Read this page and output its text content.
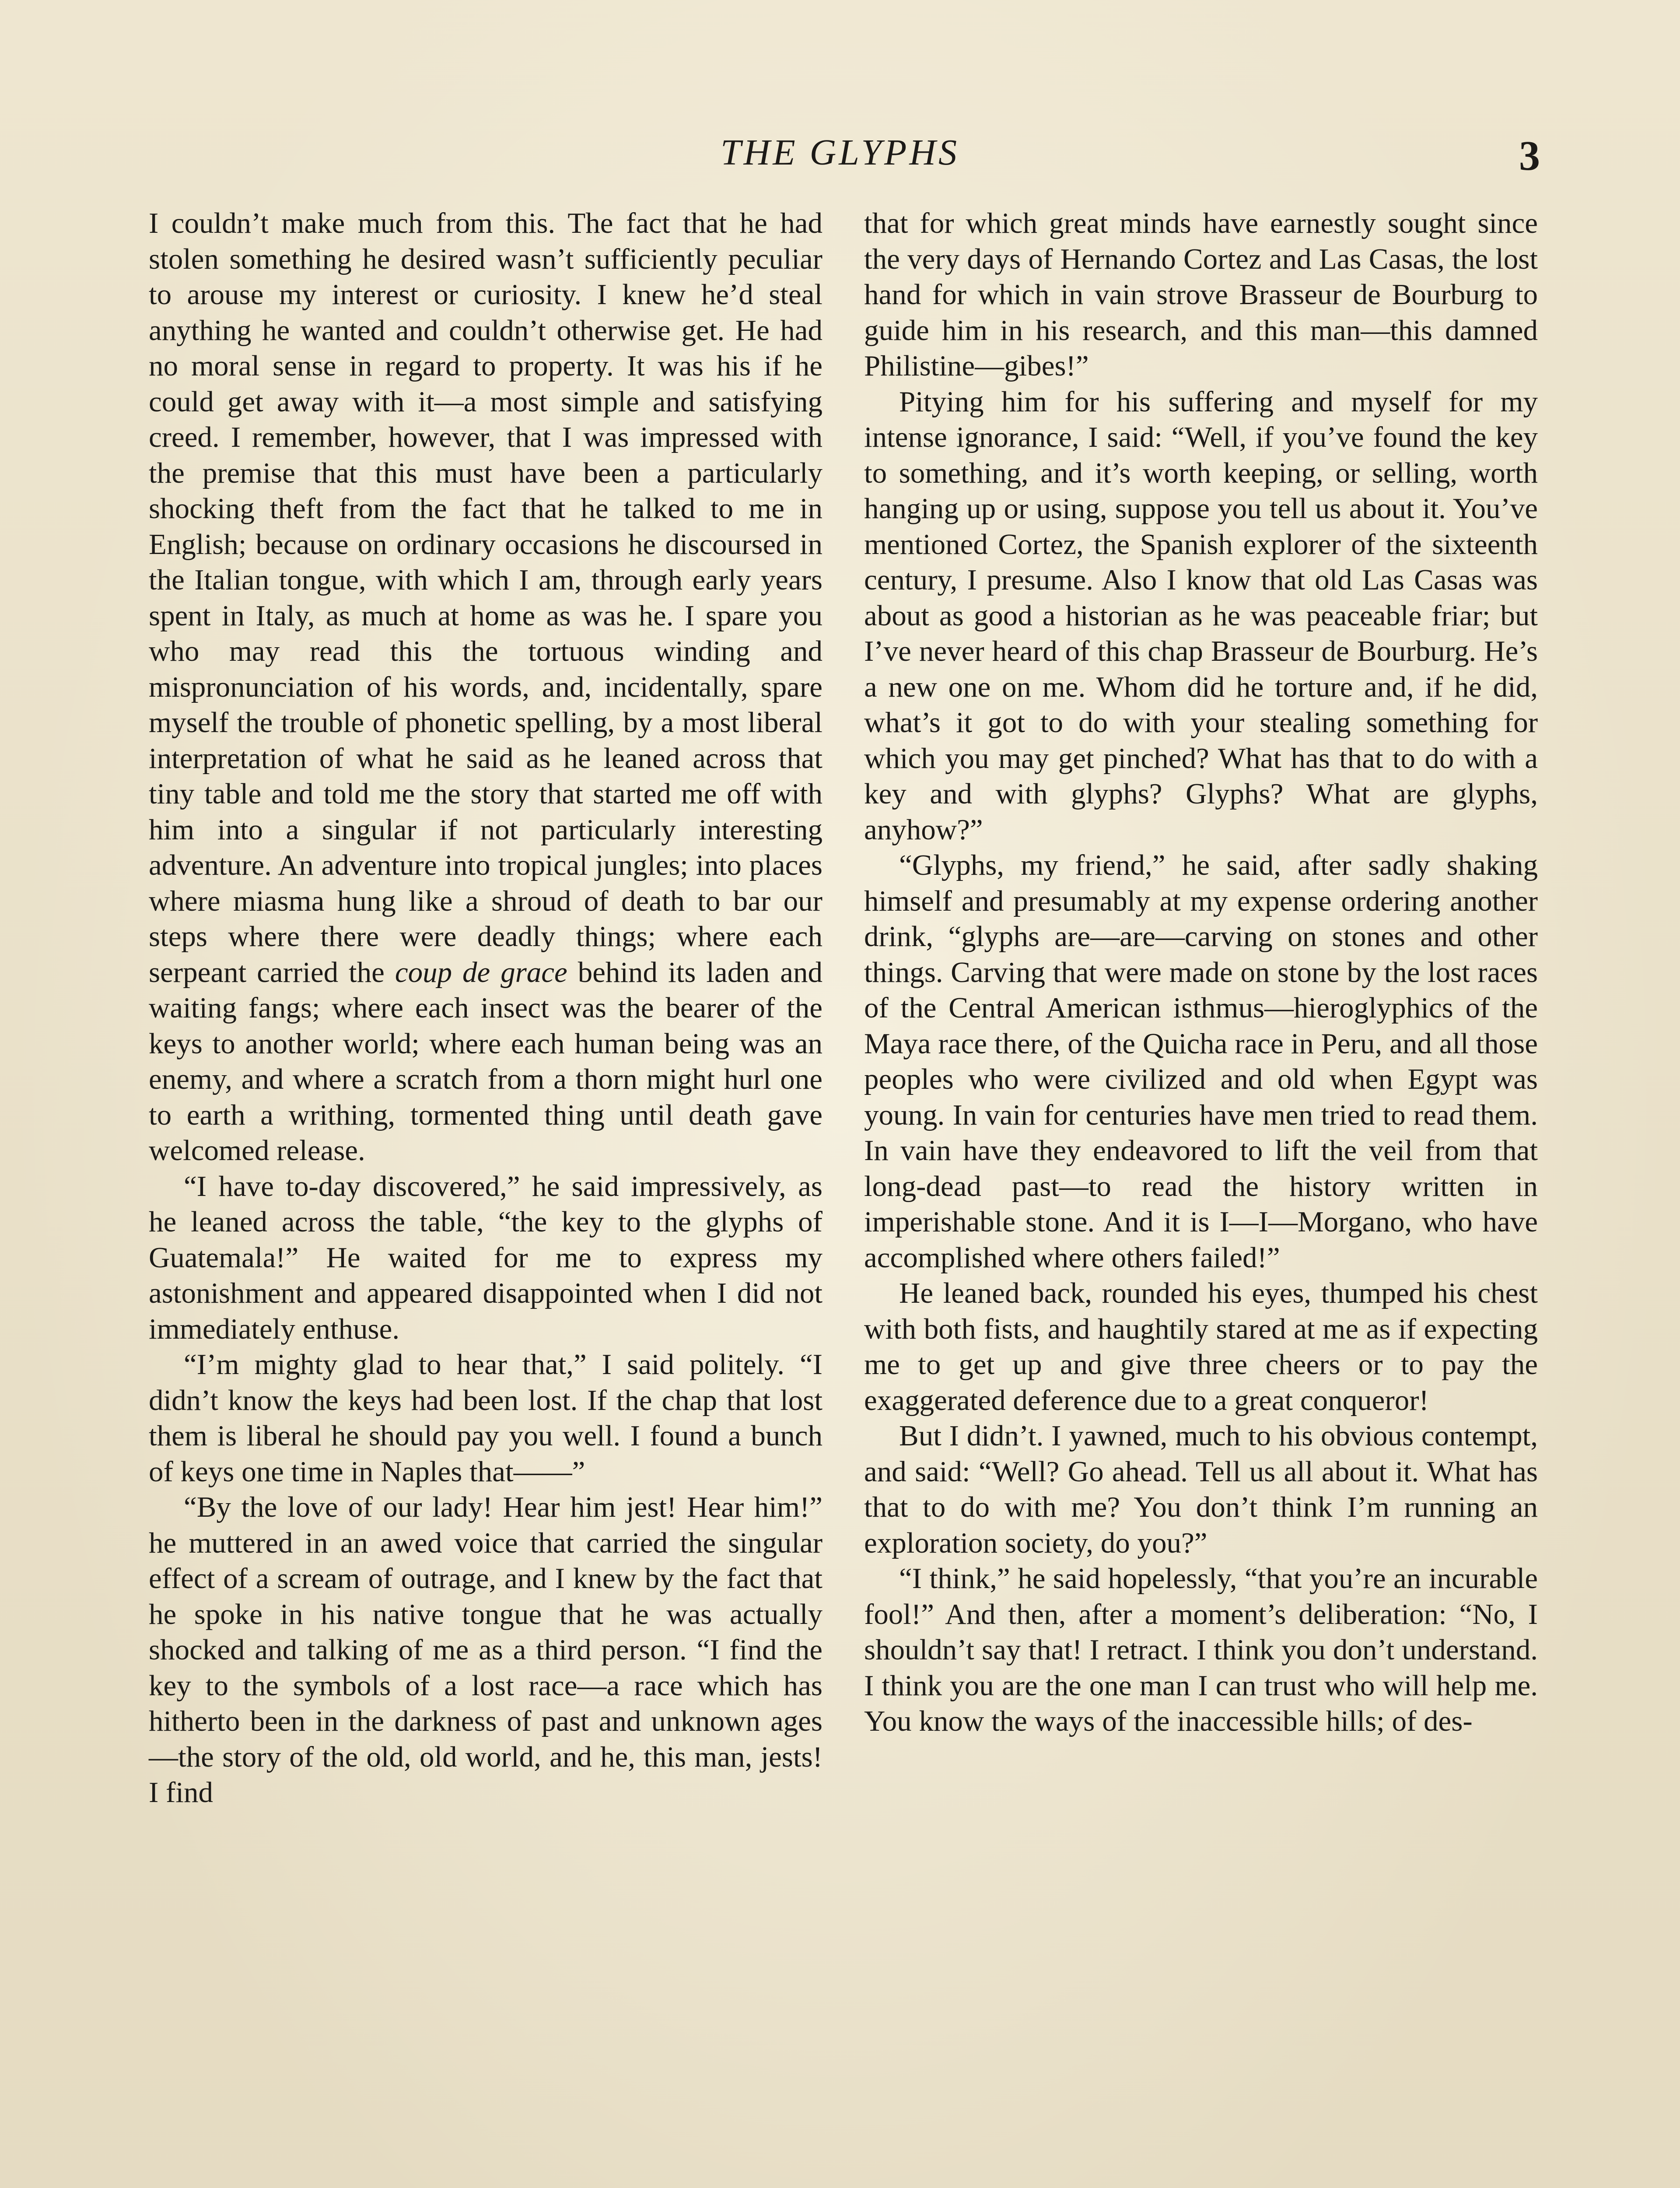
THE GLYPHS	3

I couldn’t make much from this. The fact that he had stolen something he desired wasn’t sufficiently peculiar to arouse my interest or curiosity. I knew he’d steal anything he wanted and couldn’t otherwise get. He had no moral sense in regard to property. It was his if he could get away with it—a most simple and satisfying creed. I remember, however, that I was impressed with the premise that this must have been a particularly shocking theft from the fact that he talked to me in English; because on ordinary occasions he discoursed in the Italian tongue, with which I am, through early years spent in Italy, as much at home as was he. I spare you who may read this the tortuous winding and mispronunciation of his words, and, incidentally, spare myself the trouble of phonetic spelling, by a most liberal interpretation of what he said as he leaned across that tiny table and told me the story that started me off with him into a singular if not particularly interesting adventure. An adventure into tropical jungles; into places where miasma hung like a shroud of death to bar our steps where there were deadly things; where each serpeant carried the coup de grace behind its laden and waiting fangs; where each insect was the bearer of the keys to another world; where each human being was an enemy, and where a scratch from a thorn might hurl one to earth a writhing, tormented thing until death gave welcomed release.

“I have to-day discovered,” he said impressively, as he leaned across the table, “the key to the glyphs of Guatemala!” He waited for me to express my astonishment and appeared disappointed when I did not immediately enthuse.

“I’m mighty glad to hear that,” I said politely. “I didn’t know the keys had been lost. If the chap that lost them is liberal he should pay you well. I found a bunch of keys one time in Naples that——”

“By the love of our lady! Hear him jest! Hear him!” he muttered in an awed voice that carried the singular effect of a scream of outrage, and I knew by the fact that he spoke in his native tongue that he was actually shocked and talking of me as a third person. “I find the key to the symbols of a lost race—a race which has hitherto been in the darkness of past and unknown ages—the story of the old, old world, and he, this man, jests! I find

that for which great minds have earnestly sought since the very days of Hernando Cortez and Las Casas, the lost hand for which in vain strove Brasseur de Bourburg to guide him in his research, and this man—this damned Philistine—gibes!”

Pitying him for his suffering and myself for my intense ignorance, I said: “Well, if you’ve found the key to something, and it’s worth keeping, or selling, worth hanging up or using, suppose you tell us about it. You’ve mentioned Cortez, the Spanish explorer of the sixteenth century, I presume. Also I know that old Las Casas was about as good a historian as he was peaceable friar; but I’ve never heard of this chap Brasseur de Bourburg. He’s a new one on me. Whom did he torture and, if he did, what’s it got to do with your stealing something for which you may get pinched? What has that to do with a key and with glyphs? Glyphs? What are glyphs, anyhow?”

“Glyphs, my friend,” he said, after sadly shaking himself and presumably at my expense ordering another drink, “glyphs are—are—carving on stones and other things. Carving that were made on stone by the lost races of the Central American isthmus—hieroglyphics of the Maya race there, of the Quicha race in Peru, and all those peoples who were civilized and old when Egypt was young. In vain for centuries have men tried to read them. In vain have they endeavored to lift the veil from that long-dead past—to read the history written in imperishable stone. And it is I—I—Morgano, who have accomplished where others failed!”

He leaned back, rounded his eyes, thumped his chest with both fists, and haughtily stared at me as if expecting me to get up and give three cheers or to pay the exaggerated deference due to a great conqueror!

But I didn’t. I yawned, much to his obvious contempt, and said: “Well? Go ahead. Tell us all about it. What has that to do with me? You don’t think I’m running an exploration society, do you?”

“I think,” he said hopelessly, “that you’re an incurable fool!” And then, after a moment’s deliberation: “No, I shouldn’t say that! I retract. I think you don’t understand. I think you are the one man I can trust who will help me. You know the ways of the inaccessible hills; of des-
